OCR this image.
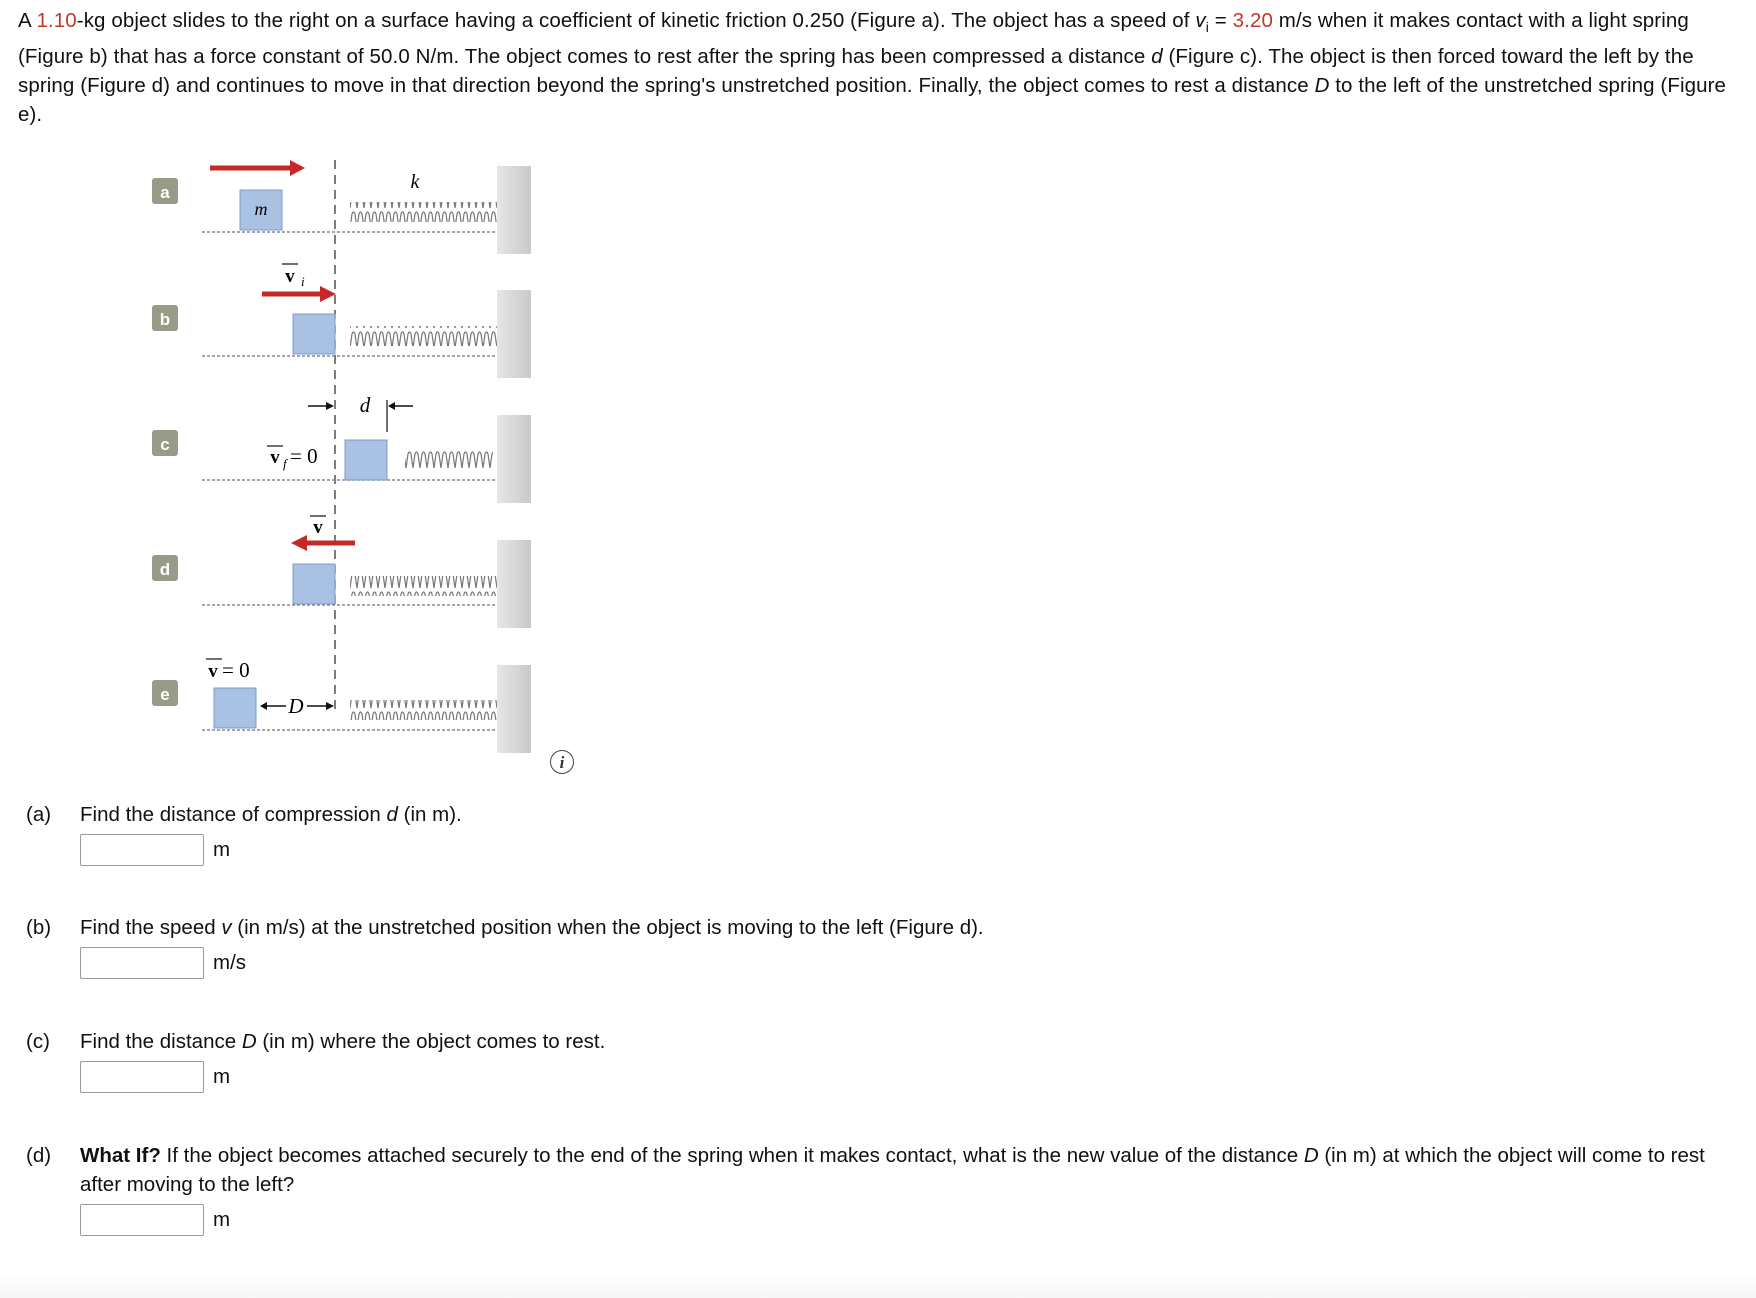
A 1.10-kg object slides to the right on a surface having a coefficient of kinetic friction 0.250 (Figure a). The object has a speed of $v_i = 3.20$ m/s when it makes contact with a light spring (Figure b) that has a force constant of 50.0 N/m. The object comes to rest after the spring has been compressed a distance d (Figure c). The object is then forced toward the left by the spring (Figure d) and continues to move in that direction beyond the spring's unstretched position. Finally, the object comes to rest a distance D to the left of the unstretched spring (Figure e).

a
m
k
b
v i
c
d
v f = 0
d
v
e
v = 0
D
i
(a) Find the distance of compression d (in m).
m
(b) Find the speed v (in m/s) at the unstretched position when the object is moving to the left (Figure d).
m/s
(c) Find the distance D (in m) where the object comes to rest.
m
(d) What If? If the object becomes attached securely to the end of the spring when it makes contact, what is the new value of the distance D (in m) at which the object will come to rest after moving to the left?
m
